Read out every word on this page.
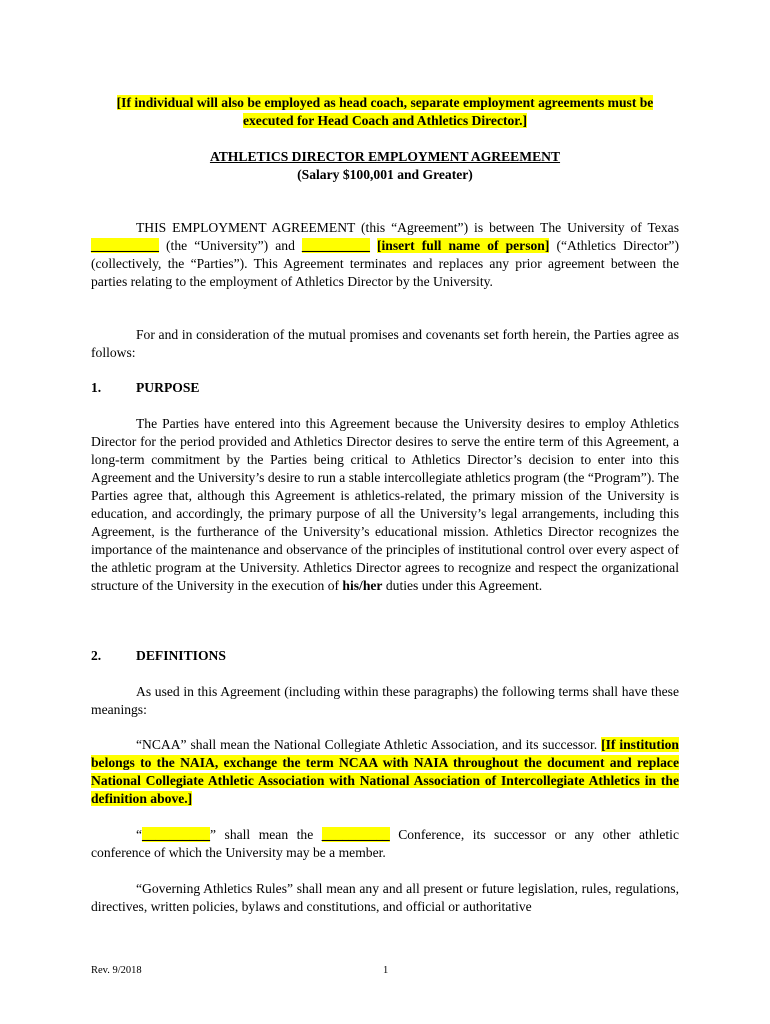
[If individual will also be employed as head coach, separate employment agreements must be executed for Head Coach and Athletics Director.]
ATHLETICS DIRECTOR EMPLOYMENT AGREEMENT
(Salary $100,001 and Greater)
THIS EMPLOYMENT AGREEMENT (this “Agreement”) is between The University of Texas __________ (the “University”) and __________ [insert full name of person] (“Athletics Director”) (collectively, the “Parties”). This Agreement terminates and replaces any prior agreement between the parties relating to the employment of Athletics Director by the University.
For and in consideration of the mutual promises and covenants set forth herein, the Parties agree as follows:
1.	PURPOSE
The Parties have entered into this Agreement because the University desires to employ Athletics Director for the period provided and Athletics Director desires to serve the entire term of this Agreement, a long-term commitment by the Parties being critical to Athletics Director’s decision to enter into this Agreement and the University’s desire to run a stable intercollegiate athletics program (the “Program”). The Parties agree that, although this Agreement is athletics-related, the primary mission of the University is education, and accordingly, the primary purpose of all the University’s legal arrangements, including this Agreement, is the furtherance of the University’s educational mission. Athletics Director recognizes the importance of the maintenance and observance of the principles of institutional control over every aspect of the athletic program at the University. Athletics Director agrees to recognize and respect the organizational structure of the University in the execution of his/her duties under this Agreement.
2.	DEFINITIONS
As used in this Agreement (including within these paragraphs) the following terms shall have these meanings:
“NCAA” shall mean the National Collegiate Athletic Association, and its successor. [If institution belongs to the NAIA, exchange the term NCAA with NAIA throughout the document and replace National Collegiate Athletic Association with National Association of Intercollegiate Athletics in the definition above.]
“__________” shall mean the __________ Conference, its successor or any other athletic conference of which the University may be a member.
“Governing Athletics Rules” shall mean any and all present or future legislation, rules, regulations, directives, written policies, bylaws and constitutions, and official or authoritative
Rev. 9/2018	1
